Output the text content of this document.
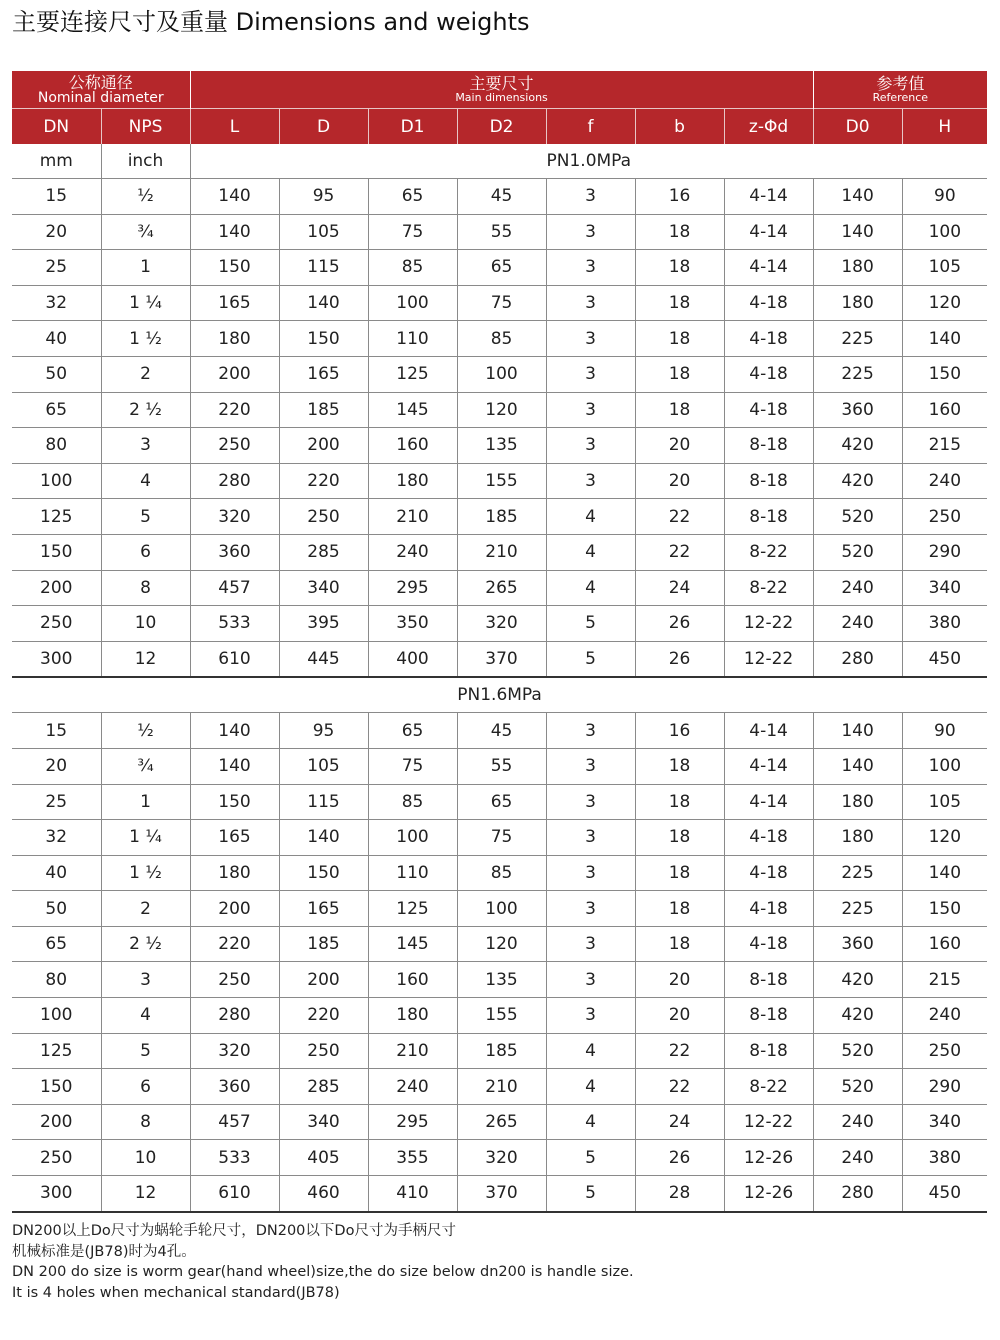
主要连接尺寸及重量 Dimensions and weights
公称通径
Nominal diameter		主要尺寸
Main dimensions							参考值
Reference	

DN	NPS	L	D	D1	D2	f	b	z-Φd	D0	H
mm	inch	PN1.0MPa								
15	½	140	95	65	45	3	16	4-14	140	90
20	¾	140	105	75	55	3	18	4-14	140	100
25	1	150	115	85	65	3	18	4-14	180	105
32	1 ¼	165	140	100	75	3	18	4-18	180	120
40	1 ½	180	150	110	85	3	18	4-18	225	140
50	2	200	165	125	100	3	18	4-18	225	150
65	2 ½	220	185	145	120	3	18	4-18	360	160
80	3	250	200	160	135	3	20	8-18	420	215
100	4	280	220	180	155	3	20	8-18	420	240
125	5	320	250	210	185	4	22	8-18	520	250
150	6	360	285	240	210	4	22	8-22	520	290
200	8	457	340	295	265	4	24	8-22	240	340
250	10	533	395	350	320	5	26	12-22	240	380
300	12	610	445	400	370	5	26	12-22	280	450
PN1.6MPa										
15	½	140	95	65	45	3	16	4-14	140	90
20	¾	140	105	75	55	3	18	4-14	140	100
25	1	150	115	85	65	3	18	4-14	180	105
32	1 ¼	165	140	100	75	3	18	4-18	180	120
40	1 ½	180	150	110	85	3	18	4-18	225	140
50	2	200	165	125	100	3	18	4-18	225	150
65	2 ½	220	185	145	120	3	18	4-18	360	160
80	3	250	200	160	135	3	20	8-18	420	215
100	4	280	220	180	155	3	20	8-18	420	240
125	5	320	250	210	185	4	22	8-18	520	250
150	6	360	285	240	210	4	22	8-22	520	290
200	8	457	340	295	265	4	24	12-22	240	340
250	10	533	405	355	320	5	26	12-26	240	380
300	12	610	460	410	370	5	28	12-26	280	450
DN200以上Do尺寸为蜗轮手轮尺寸，DN200以下Do尺寸为手柄尺寸
机械标准是(JB78)时为4孔。
DN 200 do size is worm gear(hand wheel)size,the do size below dn200 is handle size.
It is 4 holes when mechanical standard(JB78)
